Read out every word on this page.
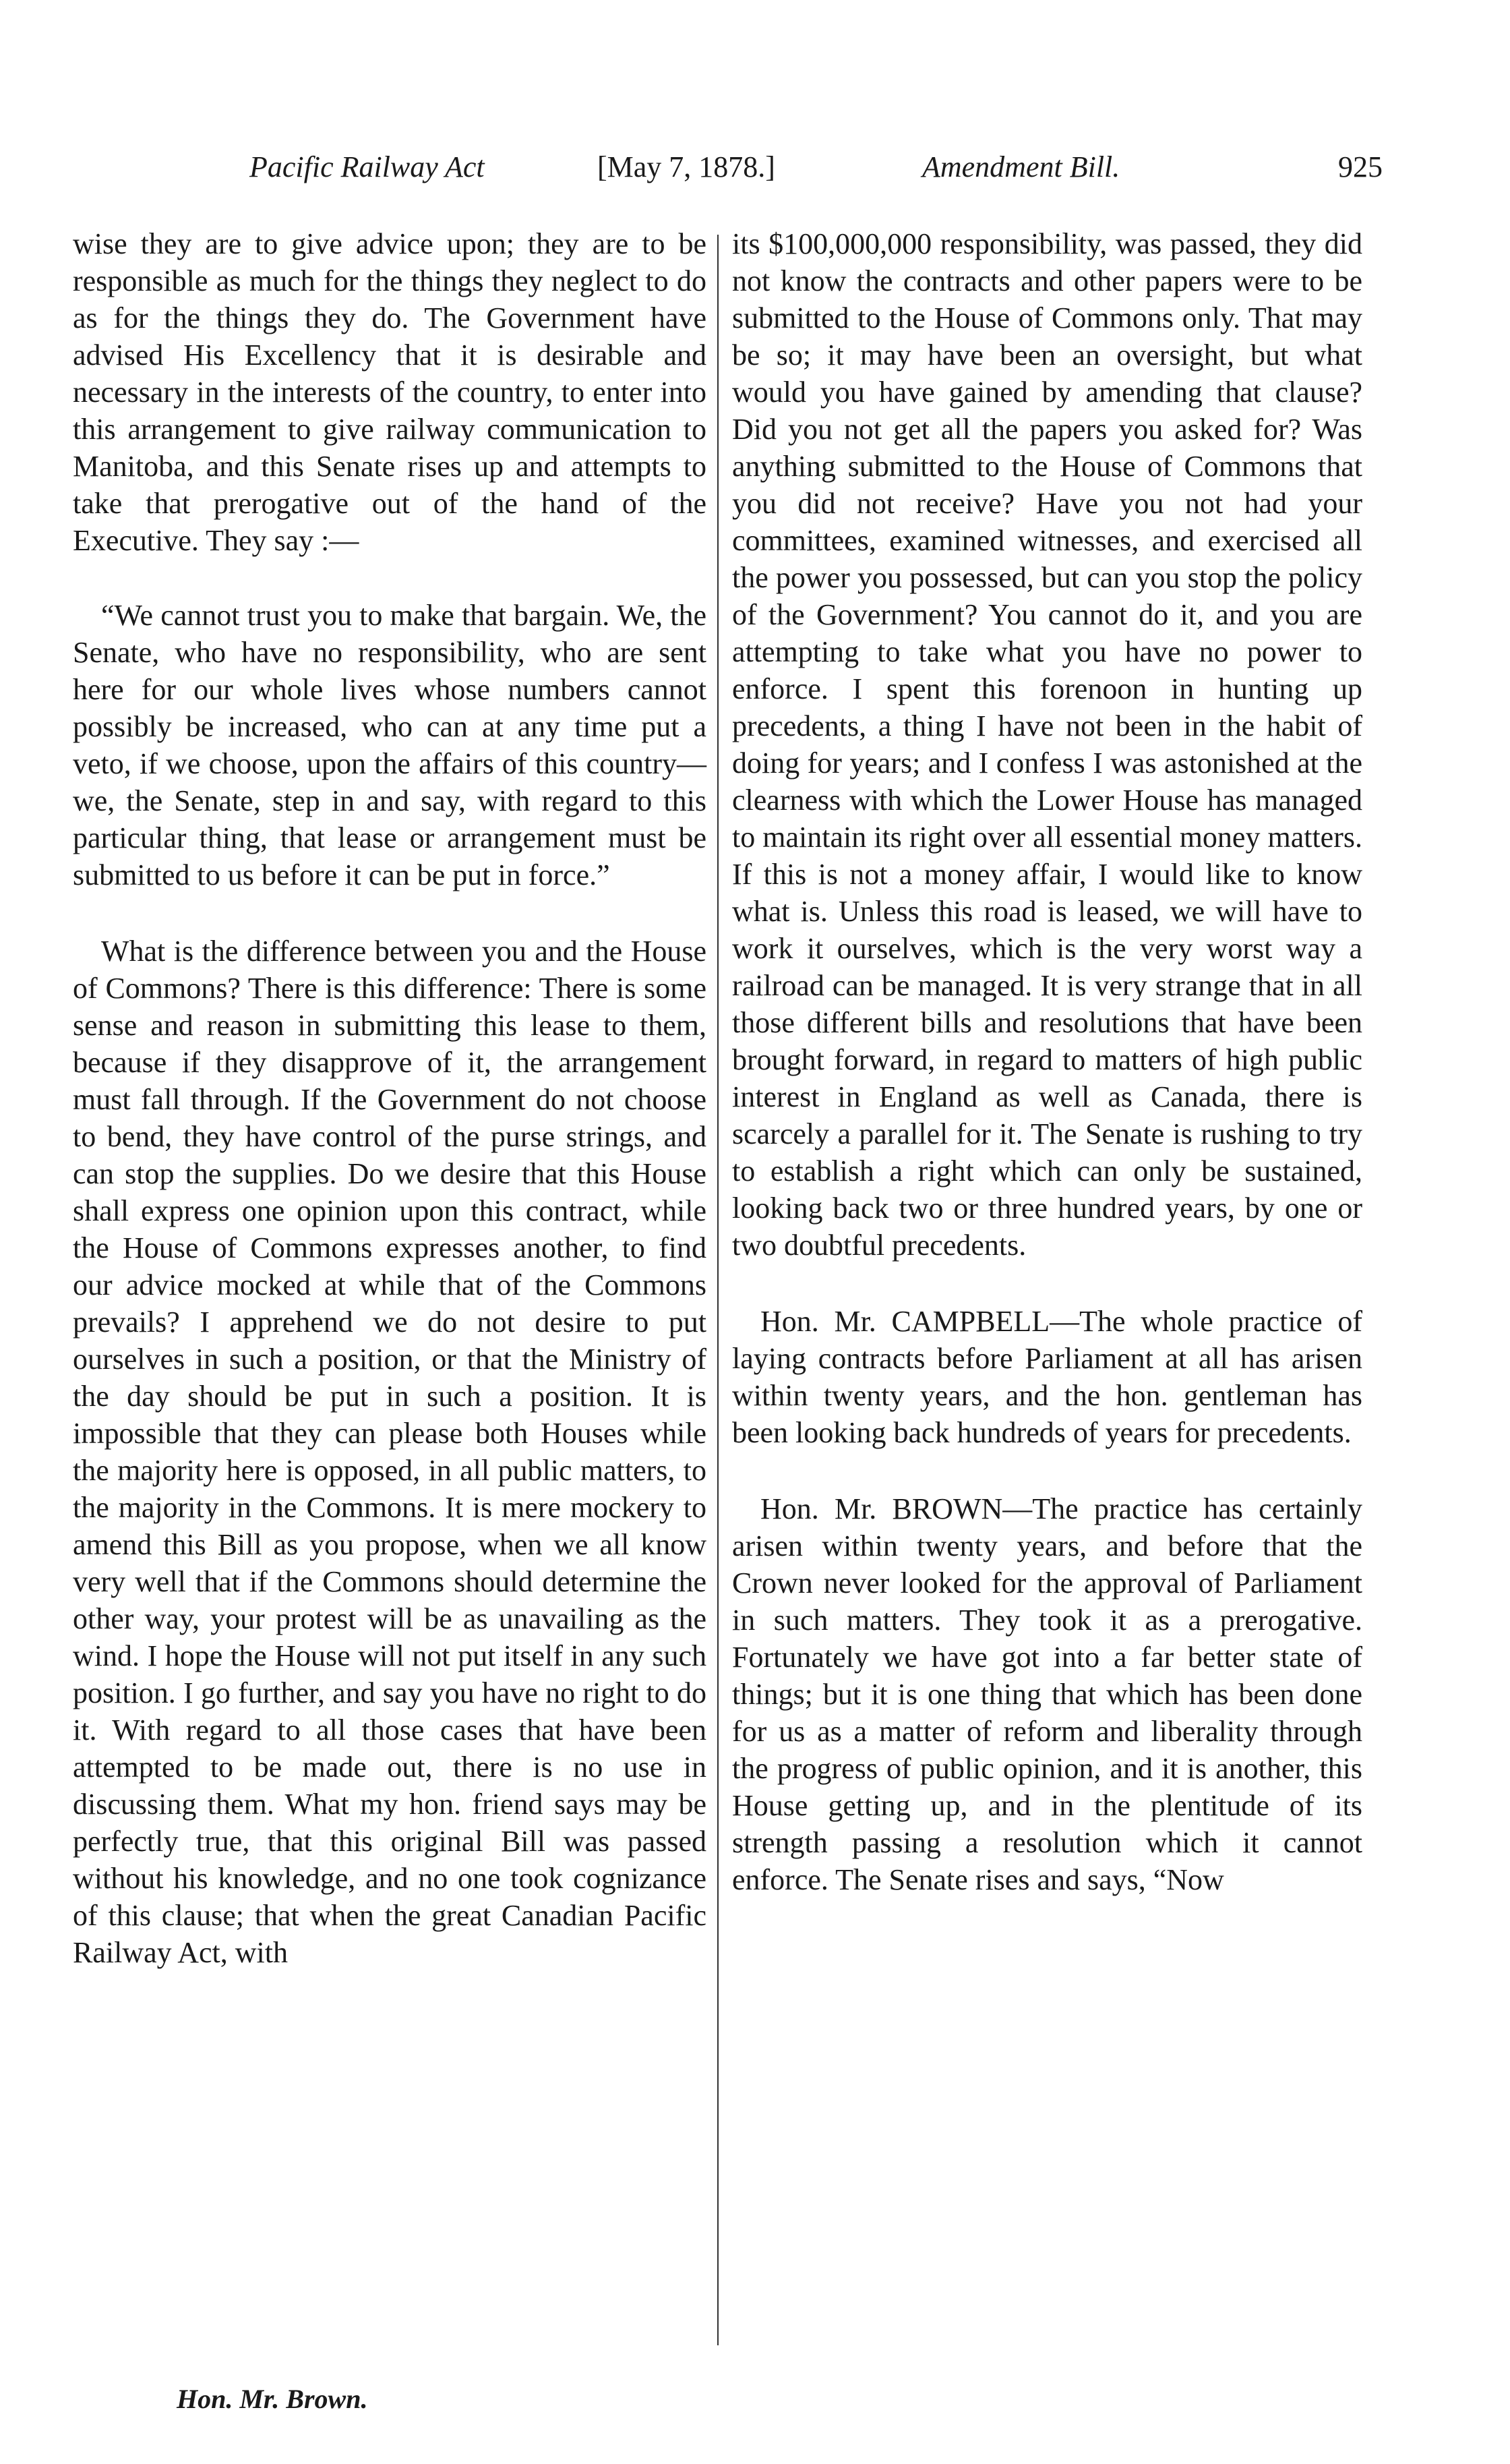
Pacific Railway Act	[May 7, 1878.]	Amendment Bill.	925

wise they are to give advice upon; they are to be responsible as much for the things they neglect to do as for the things they do. The Government have advised His Excellency that it is desirable and necessary in the interests of the country, to enter into this arrangement to give railway communication to Manitoba, and this Senate rises up and attempts to take that prerogative out of the hand of the Executive. They say :—

“We cannot trust you to make that bargain. We, the Senate, who have no responsibility, who are sent here for our whole lives whose numbers cannot possibly be increased, who can at any time put a veto, if we choose, upon the affairs of this country—we, the Senate, step in and say, with regard to this particular thing, that lease or arrangement must be submitted to us before it can be put in force.”

What is the difference between you and the House of Commons? There is this difference: There is some sense and reason in submitting this lease to them, because if they disapprove of it, the arrangement must fall through. If the Government do not choose to bend, they have control of the purse strings, and can stop the supplies. Do we desire that this House shall express one opinion upon this contract, while the House of Commons expresses another, to find our advice mocked at while that of the Commons prevails? I apprehend we do not desire to put ourselves in such a position, or that the Ministry of the day should be put in such a position. It is impossible that they can please both Houses while the majority here is opposed, in all public matters, to the majority in the Commons. It is mere mockery to amend this Bill as you propose, when we all know very well that if the Commons should determine the other way, your protest will be as unavailing as the wind. I hope the House will not put itself in any such position. I go further, and say you have no right to do it. With regard to all those cases that have been attempted to be made out, there is no use in discussing them. What my hon. friend says may be perfectly true, that this original Bill was passed without his knowledge, and no one took cognizance of this clause; that when the great Canadian Pacific Railway Act, with

its $100,000,000 responsibility, was passed, they did not know the contracts and other papers were to be submitted to the House of Commons only. That may be so; it may have been an oversight, but what would you have gained by amending that clause? Did you not get all the papers you asked for? Was anything submitted to the House of Commons that you did not receive? Have you not had your committees, examined witnesses, and exercised all the power you possessed, but can you stop the policy of the Government? You cannot do it, and you are attempting to take what you have no power to enforce. I spent this forenoon in hunting up precedents, a thing I have not been in the habit of doing for years; and I confess I was astonished at the clearness with which the Lower House has managed to maintain its right over all essential money matters. If this is not a money affair, I would like to know what is. Unless this road is leased, we will have to work it ourselves, which is the very worst way a railroad can be managed. It is very strange that in all those different bills and resolutions that have been brought forward, in regard to matters of high public interest in England as well as Canada, there is scarcely a parallel for it. The Senate is rushing to try to establish a right which can only be sustained, looking back two or three hundred years, by one or two doubtful precedents.

Hon. Mr. CAMPBELL—The whole practice of laying contracts before Parliament at all has arisen within twenty years, and the hon. gentleman has been looking back hundreds of years for precedents.

Hon. Mr. BROWN—The practice has certainly arisen within twenty years, and before that the Crown never looked for the approval of Parliament in such matters. They took it as a prerogative. Fortunately we have got into a far better state of things; but it is one thing that which has been done for us as a matter of reform and liberality through the progress of public opinion, and it is another, this House getting up, and in the plentitude of its strength passing a resolution which it cannot enforce. The Senate rises and says, “Now

Hon. Mr. Brown.
